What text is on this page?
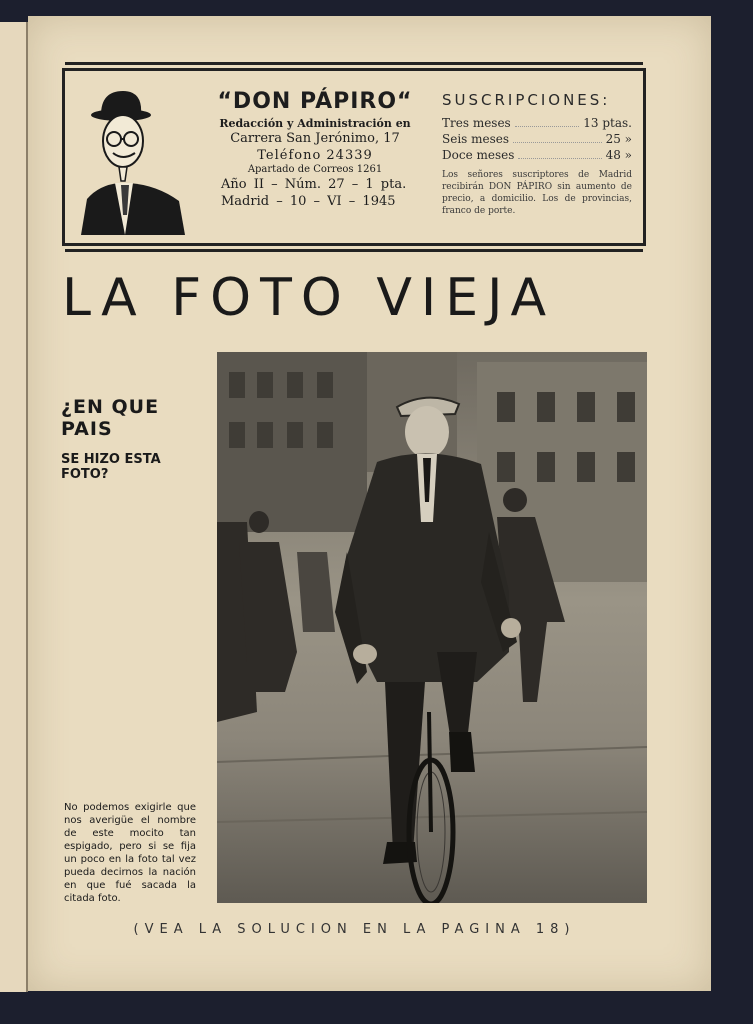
“DON PÁPIRO“
Redacción y Administración en
Carrera San Jerónimo, 17
Teléfono 24339
Apartado de Correos 1261
Año II – Núm. 27 – 1 pta.
Madrid – 10 – VI – 1945
SUSCRIPCIONES:
Tres meses	13 ptas.
Seis meses	25 »
Doce meses	48 »
Los señores suscriptores de Madrid recibirán DON PÁPIRO sin aumento de precio, a domicilio. Los de provincias, franco de porte.
LA FOTO VIEJA
¿EN QUE PAIS
SE HIZO ESTA FOTO?
No podemos exigirle que nos averigüe el nombre de este mocito tan espigado, pero si se fija un poco en la foto tal vez pueda decirnos la nación en que fué sacada la citada foto.
(VEA LA SOLUCION EN LA PAGINA 18)
